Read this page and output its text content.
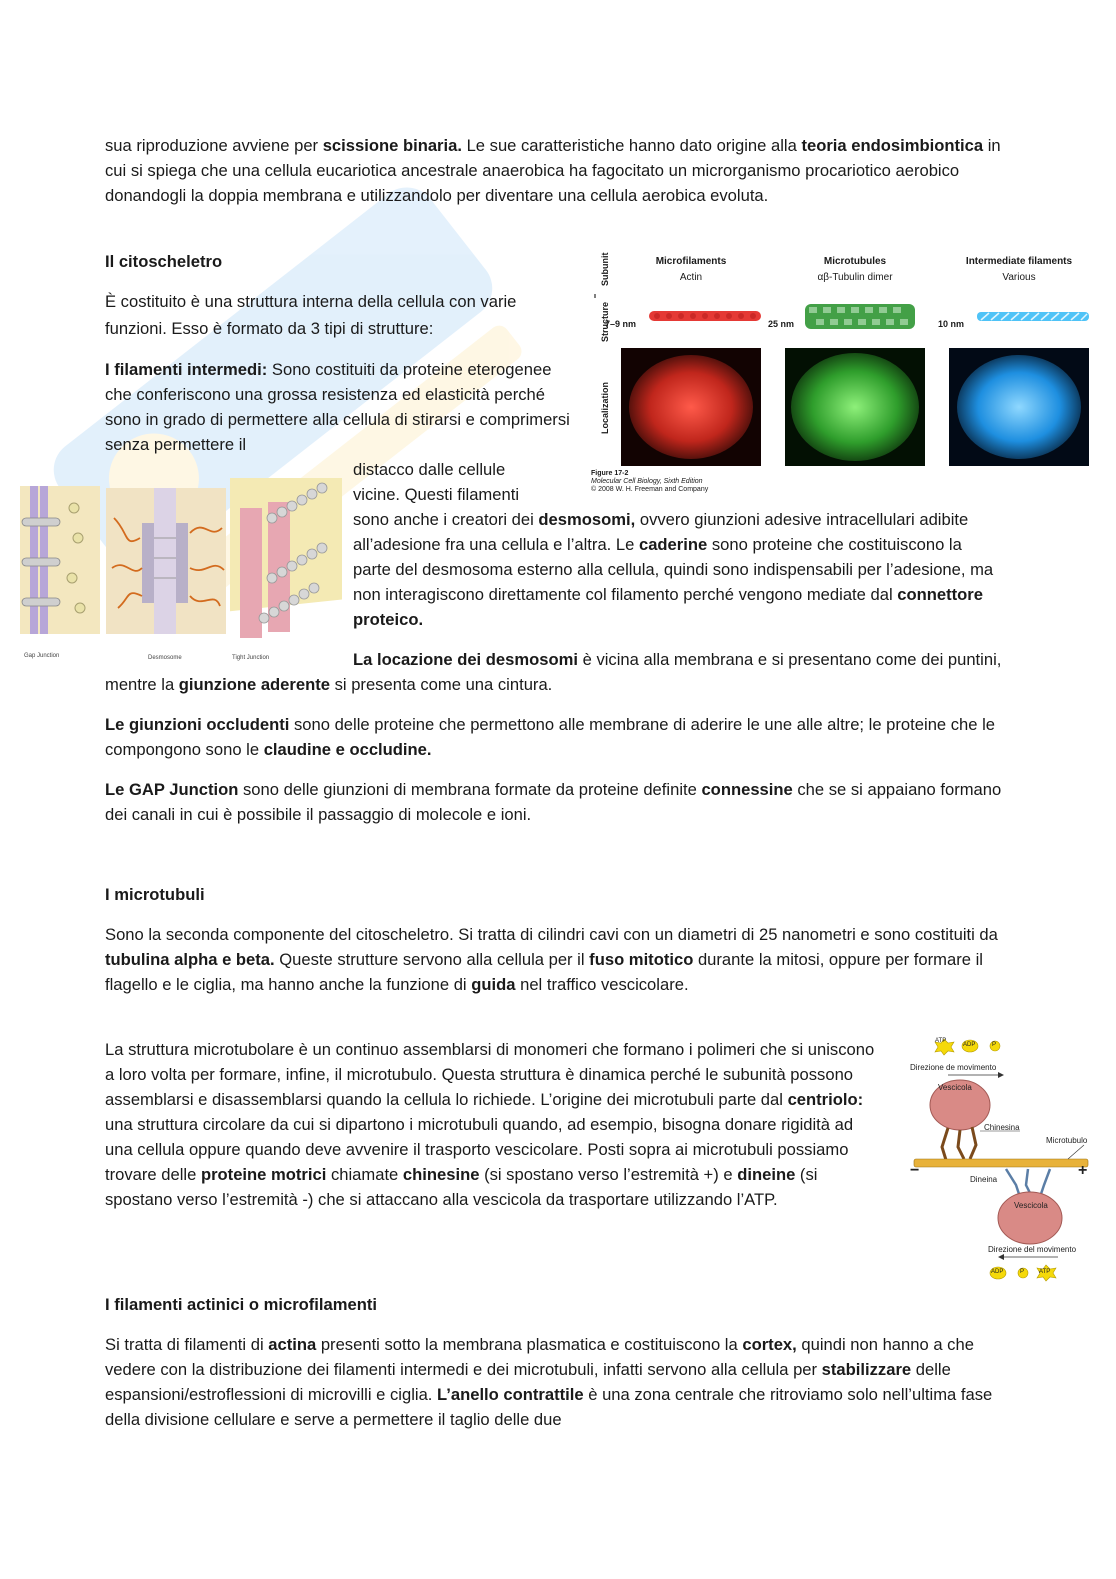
sua riproduzione avviene per scissione binaria. Le sue caratteristiche hanno dato origine alla teoria endosimbiontica in cui si spiega che una cellula eucariotica ancestrale anaerobica ha fagocitato un microrganismo procariotico aerobico donandogli la doppia membrana e utilizzandolo per diventare una cellula aerobica evoluta.

Il citoscheletro

È costituito è una struttura interna della cellula con varie funzioni. Esso è formato da 3 tipi di strutture:

I filamenti intermedi: Sono costituiti da proteine eterogenee che conferiscono una grossa resistenza ed elasticità perché sono in grado di permettere alla cellula di stirarsi e comprimersi senza permettere il

distacco dalle cellule

vicine. Questi filamenti

sono anche i creatori dei desmosomi, ovvero giunzioni adesive intracellulari adibite all’adesione fra una cellula e l’altra. Le caderine sono proteine che costituiscono la parte del desmosoma esterno alla cellula, quindi sono indispensabili per l’adesione, ma non interagiscono direttamente col filamento perché vengono mediate dal connettore proteico.

La locazione dei desmosomi è vicina alla membrana e si presentano come dei puntini, mentre la giunzione aderente si presenta come una cintura.

Le giunzioni occludenti sono delle proteine che permettono alle membrane di aderire le une alle altre; le proteine che le compongono sono le claudine e occludine.

Le GAP Junction sono delle giunzioni di membrana formate da proteine definite connessine che se si appaiano formano dei canali in cui è possibile il passaggio di molecole e ioni.

I microtubuli

Sono la seconda componente del citoscheletro. Si tratta di cilindri cavi con un diametri di 25 nanometri e sono costituiti da tubulina alpha e beta. Queste strutture servono alla cellula per il fuso mitotico durante la mitosi, oppure per formare il flagello e le ciglia, ma hanno anche la funzione di guida nel traffico vescicolare.

La struttura microtubolare è un continuo assemblarsi di monomeri che formano i polimeri che si uniscono a loro volta per formare, infine, il microtubulo. Questa struttura è dinamica perché le subunità possono assemblarsi e disassemblarsi quando la cellula lo richiede. L’origine dei microtubuli parte dal centriolo: una struttura circolare da cui si dipartono i microtubuli quando, ad esempio, bisogna donare rigidità ad una cellula oppure quando deve avvenire il trasporto vescicolare. Posti sopra ai microtubuli possiamo trovare delle proteine motrici chiamate chinesine (si spostano verso l’estremità +) e dineine (si spostano verso l’estremità -) che si attaccano alla vescicola da trasportare utilizzando l’ATP.

I filamenti actinici o microfilamenti

Si tratta di filamenti di actina presenti sotto la membrana plasmatica e costituiscono la cortex, quindi non hanno a che vedere con la distribuzione dei filamenti intermedi e dei microtubuli, infatti servono alla cellula per stabilizzare delle espansioni/estroflessioni di microvilli e ciglia. L’anello contrattile è una zona centrale che ritroviamo solo nell’ultima fase della divisione cellulare e serve a permettere il taglio delle due

Subunit
Structure
Localization
Microfilaments
Actin
Microtubules
αβ-Tubulin dimer
Intermediate filaments
Various
7–9 nm	25 nm	10 nm
Figure 17-2
Molecular Cell Biology, Sixth Edition
© 2008 W. H. Freeman and Company
Gap Junction	Desmosome	Tight Junction
ATP
ADP	P
Direzione de movimento
Vescicola
Chinesina
Microtubulo
−	+
Dineina
Vescicola
Direzione del movimento
ADP	P ATP
